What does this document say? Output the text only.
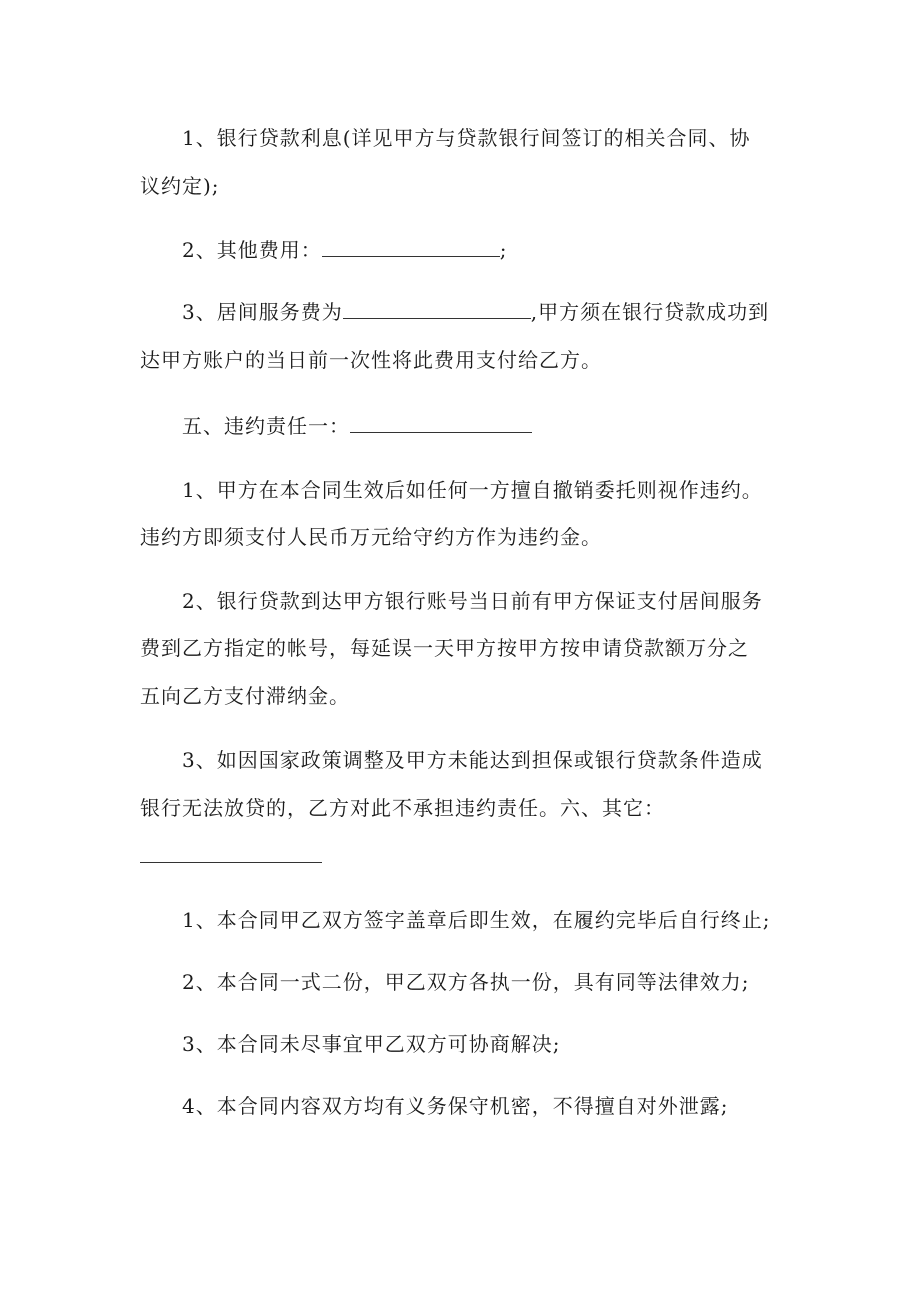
1、银行贷款利息(详见甲方与贷款银行间签订的相关合同、协
议约定);
2、其他费用：	;
3、居间服务费为	,甲方须在银行贷款成功到
达甲方账户的当日前一次性将此费用支付给乙方。
五、违约责任一：
1、甲方在本合同生效后如任何一方擅自撤销委托则视作违约。
违约方即须支付人民币万元给守约方作为违约金。
2、银行贷款到达甲方银行账号当日前有甲方保证支付居间服务
费到乙方指定的帐号，每延误一天甲方按甲方按申请贷款额万分之
五向乙方支付滞纳金。
3、如因国家政策调整及甲方未能达到担保或银行贷款条件造成
银行无法放贷的，乙方对此不承担违约责任。六、其它：
1、本合同甲乙双方签字盖章后即生效，在履约完毕后自行终止;
2、本合同一式二份，甲乙双方各执一份，具有同等法律效力;
3、本合同未尽事宜甲乙双方可协商解决;
4、本合同内容双方均有义务保守机密，不得擅自对外泄露;
